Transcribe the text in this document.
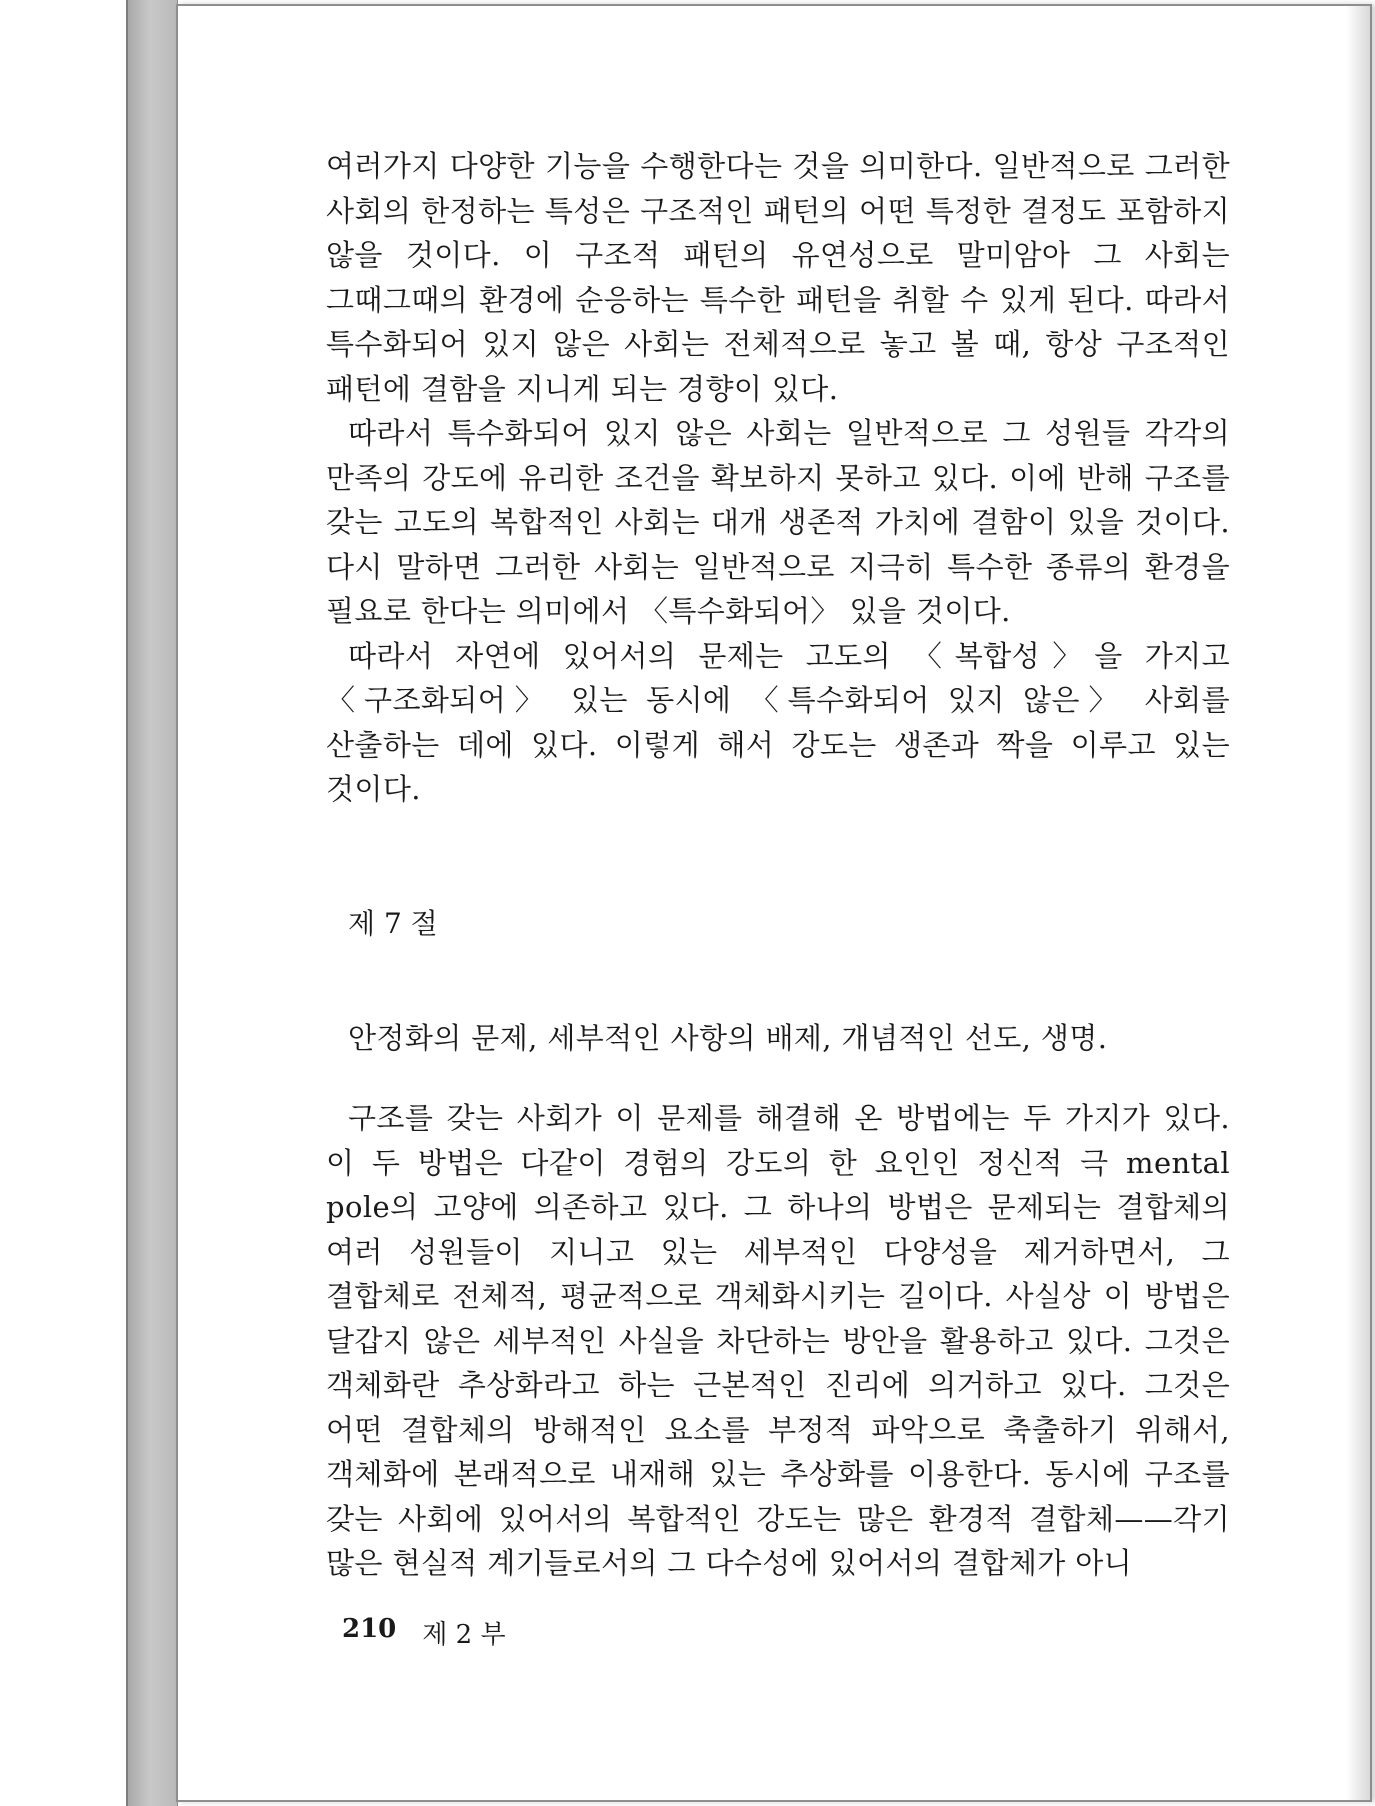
여러가지 다양한 기능을 수행한다는 것을 의미한다. 일반적으로 그러한 사회의 한정하는 특성은 구조적인 패턴의 어떤 특정한 결정도 포함하지 않을 것이다. 이 구조적 패턴의 유연성으로 말미암아 그 사회는 그때그때의 환경에 순응하는 특수한 패턴을 취할 수 있게 된다. 따라서 특수화되어 있지 않은 사회는 전체적으로 놓고 볼 때, 항상 구조적인 패턴에 결함을 지니게 되는 경향이 있다.

따라서 특수화되어 있지 않은 사회는 일반적으로 그 성원들 각각의 만족의 강도에 유리한 조건을 확보하지 못하고 있다. 이에 반해 구조를 갖는 고도의 복합적인 사회는 대개 생존적 가치에 결함이 있을 것이다. 다시 말하면 그러한 사회는 일반적으로 지극히 특수한 종류의 환경을 필요로 한다는 의미에서 〈특수화되어〉 있을 것이다.

따라서 자연에 있어서의 문제는 고도의 〈복합성〉을 가지고 〈구조화되어〉 있는 동시에 〈특수화되어 있지 않은〉 사회를 산출하는 데에 있다. 이렇게 해서 강도는 생존과 짝을 이루고 있는 것이다.

제 7 절

안정화의 문제, 세부적인 사항의 배제, 개념적인 선도, 생명.

구조를 갖는 사회가 이 문제를 해결해 온 방법에는 두 가지가 있다. 이 두 방법은 다같이 경험의 강도의 한 요인인 정신적 극 mental pole의 고양에 의존하고 있다. 그 하나의 방법은 문제되는 결합체의 여러 성원들이 지니고 있는 세부적인 다양성을 제거하면서, 그 결합체로 전체적, 평균적으로 객체화시키는 길이다. 사실상 이 방법은 달갑지 않은 세부적인 사실을 차단하는 방안을 활용하고 있다. 그것은 객체화란 추상화라고 하는 근본적인 진리에 의거하고 있다. 그것은 어떤 결합체의 방해적인 요소를 부정적 파악으로 축출하기 위해서, 객체화에 본래적으로 내재해 있는 추상화를 이용한다. 동시에 구조를 갖는 사회에 있어서의 복합적인 강도는 많은 환경적 결합체——각기 많은 현실적 계기들로서의 그 다수성에 있어서의 결합체가 아니

210 제 2 부
